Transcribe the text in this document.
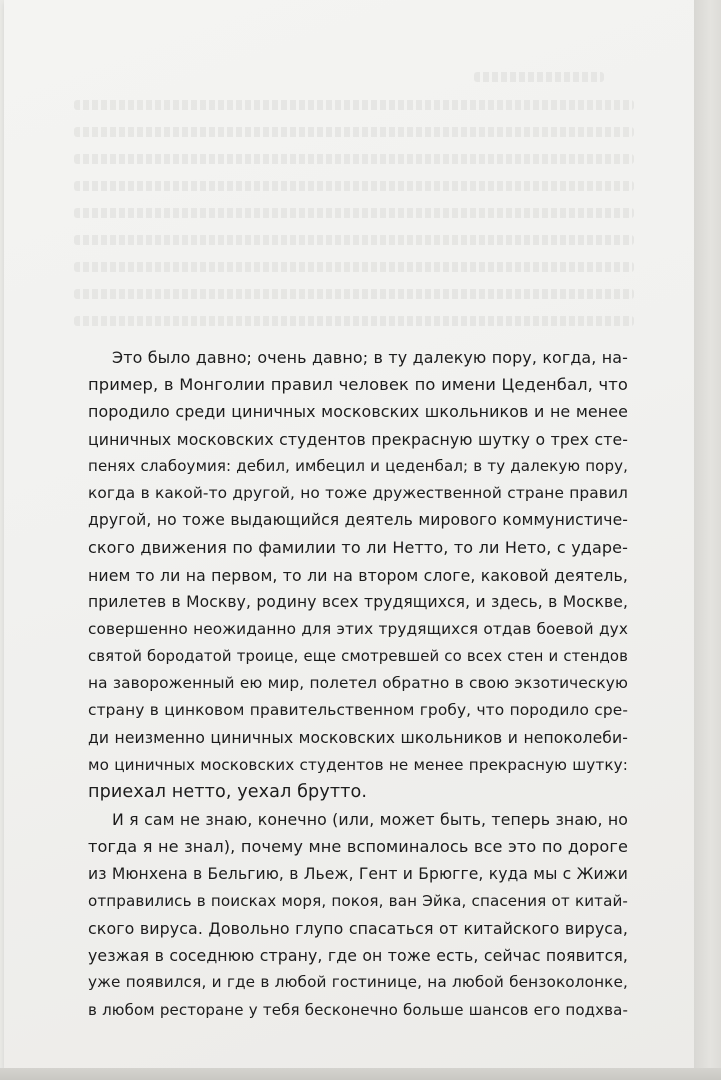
Это было давно; очень давно; в ту далекую пору, когда, на-
пример, в Монголии правил человек по имени Цеденбал, что
породило среди циничных московских школьников и не менее
циничных московских студентов прекрасную шутку о трех сте-
пенях слабоумия: дебил, имбецил и цеденбал; в ту далекую пору,
когда в какой-то другой, но тоже дружественной стране правил
другой, но тоже выдающийся деятель мирового коммунистиче-
ского движения по фамилии то ли Нетто, то ли Нето, с ударе-
нием то ли на первом, то ли на втором слоге, каковой деятель,
прилетев в Москву, родину всех трудящихся, и здесь, в Москве,
совершенно неожиданно для этих трудящихся отдав боевой дух
святой бородатой троице, еще смотревшей со всех стен и стендов
на завороженный ею мир, полетел обратно в свою экзотическую
страну в цинковом правительственном гробу, что породило сре-
ди неизменно циничных московских школьников и непоколеби-
мо циничных московских студентов не менее прекрасную шутку:
приехал нетто, уехал брутто.
И я сам не знаю, конечно (или, может быть, теперь знаю, но
тогда я не знал), почему мне вспоминалось все это по дороге
из Мюнхена в Бельгию, в Льеж, Гент и Брюгге, куда мы с Жижи
отправились в поисках моря, покоя, ван Эйка, спасения от китай-
ского вируса. Довольно глупо спасаться от китайского вируса,
уезжая в соседнюю страну, где он тоже есть, сейчас появится,
уже появился, и где в любой гостинице, на любой бензоколонке,
в любом ресторане у тебя бесконечно больше шансов его подхва-
